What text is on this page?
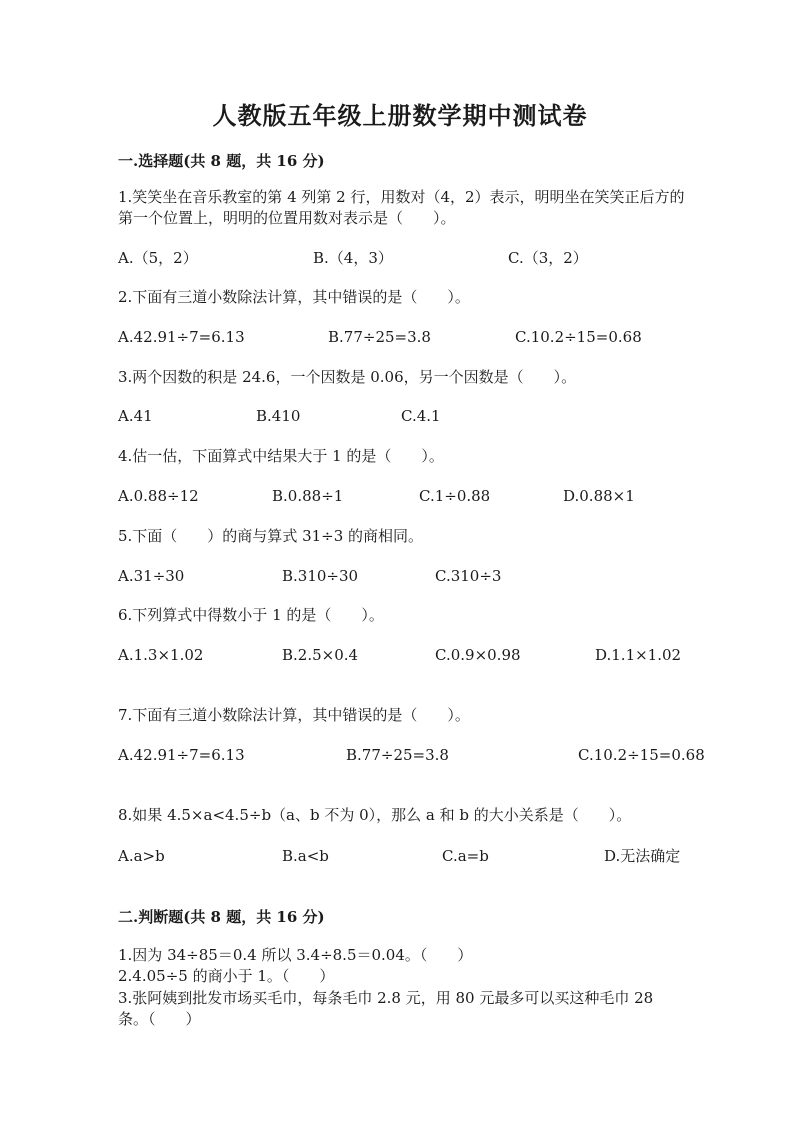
人教版五年级上册数学期中测试卷
一.选择题(共 8 题，共 16 分)
1.笑笑坐在音乐教室的第 4 列第 2 行，用数对（4，2）表示，明明坐在笑笑正后方的第一个位置上，明明的位置用数对表示是（　　）。
A.（5，2）	B.（4，3）	C.（3，2）
2.下面有三道小数除法计算，其中错误的是（　　）。
A.42.91÷7=6.13	B.77÷25=3.8	C.10.2÷15=0.68
3.两个因数的积是 24.6，一个因数是 0.06，另一个因数是（　　）。
A.41	B.410	C.4.1
4.估一估，下面算式中结果大于 1 的是（　　）。
A.0.88÷12	B.0.88÷1	C.1÷0.88	D.0.88×1
5.下面（　　）的商与算式 31÷3 的商相同。
A.31÷30	B.310÷30	C.310÷3
6.下列算式中得数小于 1 的是（　　）。
A.1.3×1.02	B.2.5×0.4	C.0.9×0.98	D.1.1×1.02
7.下面有三道小数除法计算，其中错误的是（　　）。
A.42.91÷7=6.13	B.77÷25=3.8	C.10.2÷15=0.68
8.如果 4.5×a<4.5÷b（a、b 不为 0），那么 a 和 b 的大小关系是（　　）。
A.a>b	B.a<b	C.a=b	D.无法确定
二.判断题(共 8 题，共 16 分)
1.因为 34÷85＝0.4 所以 3.4÷8.5＝0.04。（　　）
2.4.05÷5 的商小于 1。（　　）
3.张阿姨到批发市场买毛巾，每条毛巾 2.8 元，用 80 元最多可以买这种毛巾 28 条。（　　）
